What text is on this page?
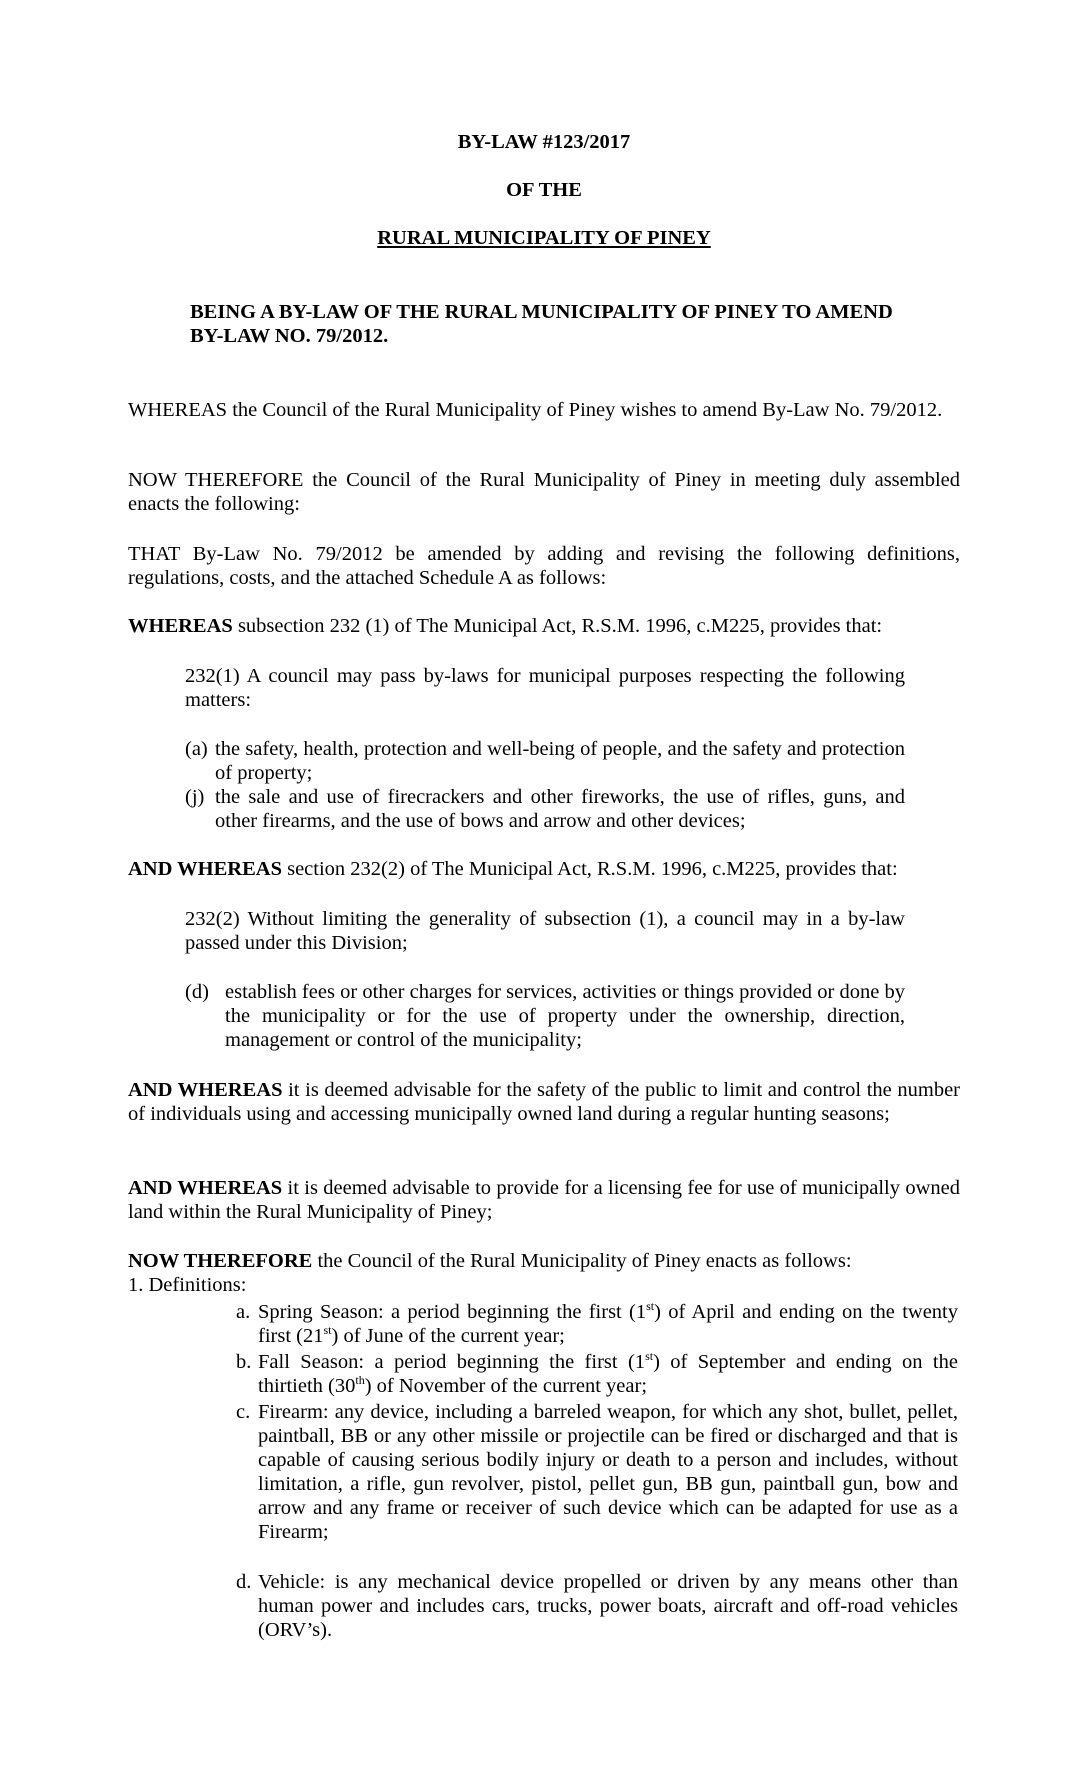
BY-LAW #123/2017
OF THE
RURAL MUNICIPALITY OF PINEY
BEING A BY-LAW OF THE RURAL MUNICIPALITY OF PINEY TO AMEND BY-LAW NO. 79/2012.
WHEREAS the Council of the Rural Municipality of Piney wishes to amend By-Law No. 79/2012.
NOW THEREFORE the Council of the Rural Municipality of Piney in meeting duly assembled enacts the following:
THAT By-Law No. 79/2012 be amended by adding and revising the following definitions, regulations, costs, and the attached Schedule A as follows:
WHEREAS subsection 232 (1) of The Municipal Act, R.S.M. 1996, c.M225, provides that:
232(1) A council may pass by-laws for municipal purposes respecting the following matters:
(a) the safety, health, protection and well-being of people, and the safety and protection of property;
(j) the sale and use of firecrackers and other fireworks, the use of rifles, guns, and other firearms, and the use of bows and arrow and other devices;
AND WHEREAS section 232(2) of The Municipal Act, R.S.M. 1996, c.M225, provides that:
232(2) Without limiting the generality of subsection (1), a council may in a by-law passed under this Division;
(d) establish fees or other charges for services, activities or things provided or done by the municipality or for the use of property under the ownership, direction, management or control of the municipality;
AND WHEREAS it is deemed advisable for the safety of the public to limit and control the number of individuals using and accessing municipally owned land during a regular hunting seasons;
AND WHEREAS it is deemed advisable to provide for a licensing fee for use of municipally owned land within the Rural Municipality of Piney;
NOW THEREFORE the Council of the Rural Municipality of Piney enacts as follows:
1. Definitions:
a. Spring Season: a period beginning the first (1st) of April and ending on the twenty first (21st) of June of the current year;
b. Fall Season: a period beginning the first (1st) of September and ending on the thirtieth (30th) of November of the current year;
c. Firearm: any device, including a barreled weapon, for which any shot, bullet, pellet, paintball, BB or any other missile or projectile can be fired or discharged and that is capable of causing serious bodily injury or death to a person and includes, without limitation, a rifle, gun revolver, pistol, pellet gun, BB gun, paintball gun, bow and arrow and any frame or receiver of such device which can be adapted for use as a Firearm;
d. Vehicle: is any mechanical device propelled or driven by any means other than human power and includes cars, trucks, power boats, aircraft and off-road vehicles (ORV’s).
